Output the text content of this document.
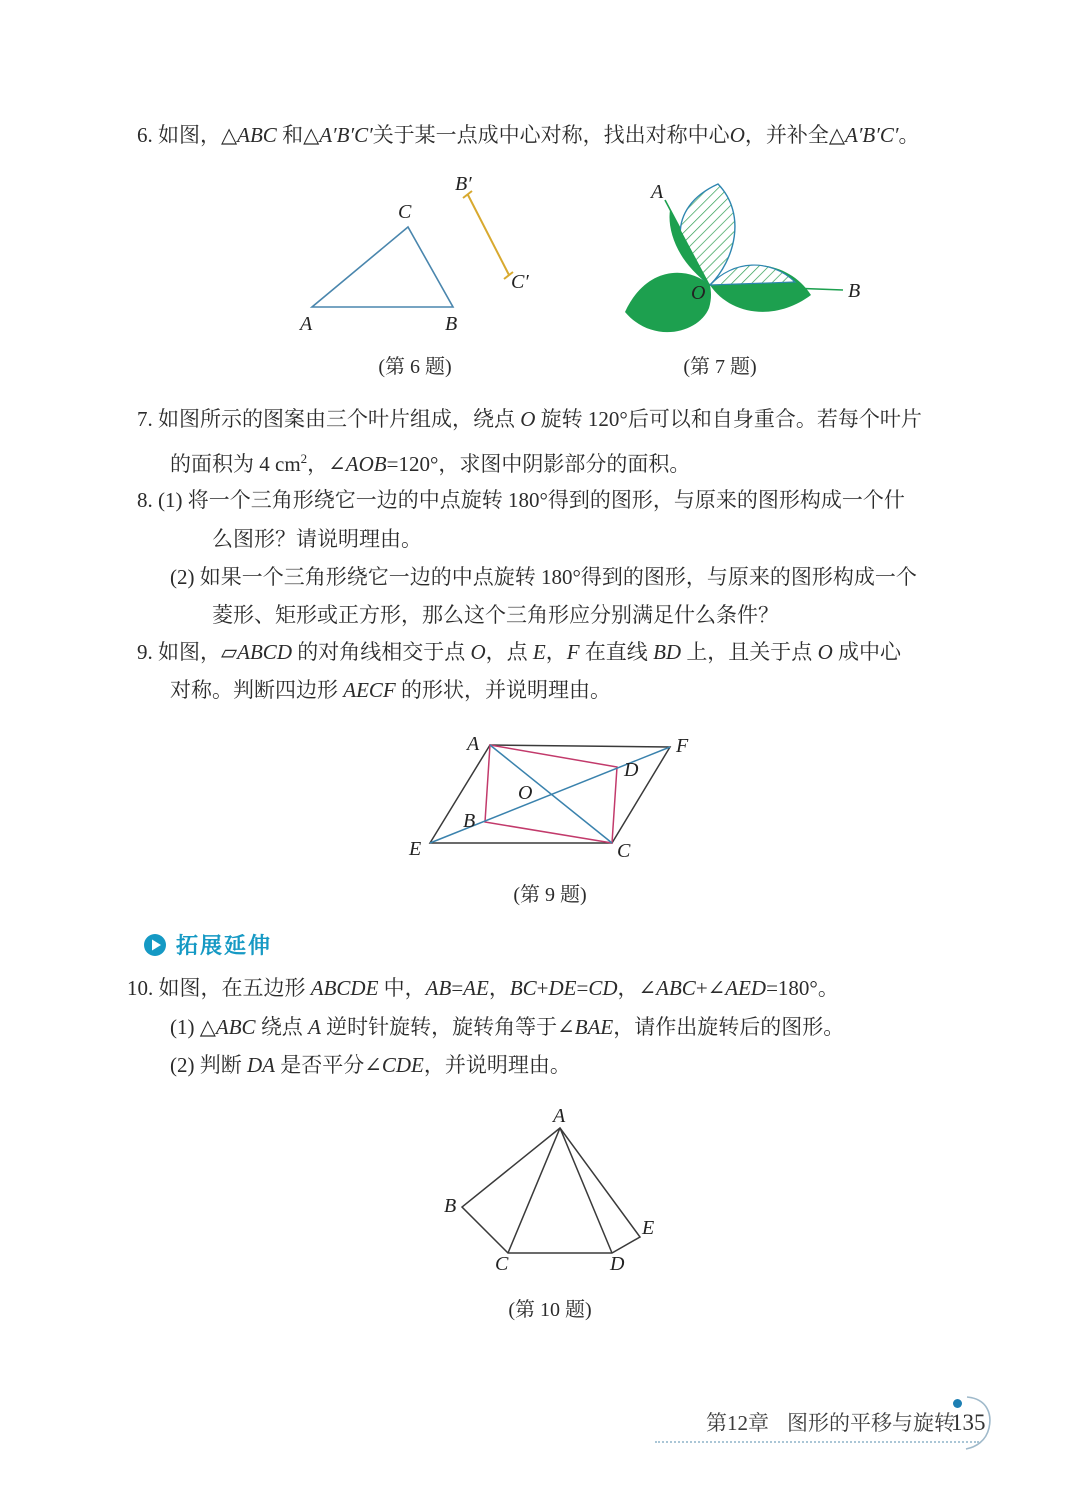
6. 如图，△ABC 和△A′B′C′关于某一点成中心对称，找出对称中心O，并补全△A′B′C′。
A	B
C
B′
C′
(第 6 题)
A
B
O
(第 7 题)
7. 如图所示的图案由三个叶片组成，绕点 O 旋转 120°后可以和自身重合。若每个叶片
的面积为 4 $cm^2$，∠AOB=120°，求图中阴影部分的面积。
8. (1) 将一个三角形绕它一边的中点旋转 180°得到的图形，与原来的图形构成一个什
么图形？请说明理由。
(2) 如果一个三角形绕它一边的中点旋转 180°得到的图形，与原来的图形构成一个
菱形、矩形或正方形，那么这个三角形应分别满足什么条件？
9. 如图，▱ABCD 的对角线相交于点 O，点 E，F 在直线 BD 上，且关于点 O 成中心
对称。判断四边形 AECF 的形状，并说明理由。
A	F
D
O
B
E	C
(第 9 题)
拓展延伸
10. 如图，在五边形 ABCDE 中，AB=AE，BC+DE=CD，∠ABC+∠AED=180°。
(1) △ABC 绕点 A 逆时针旋转，旋转角等于∠BAE，请作出旋转后的图形。
(2) 判断 DA 是否平分∠CDE，并说明理由。
A
B
C	D
E
(第 10 题)
第12章 图形的平移与旋转
135
